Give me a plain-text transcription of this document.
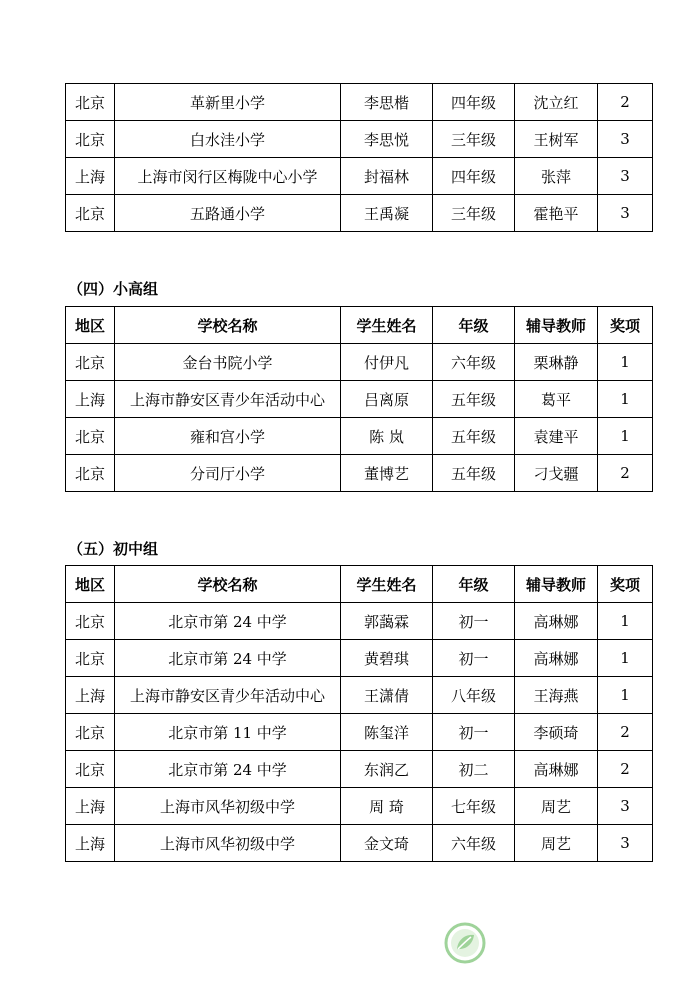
北京	革新里小学	李思楷	四年级	沈立红	2
北京	白水洼小学	李思悦	三年级	王树军	3
上海	上海市闵行区梅陇中心小学	封福林	四年级	张萍	3
北京	五路通小学	王禹凝	三年级	霍艳平	3
（四）小高组
地区	学校名称	学生姓名	年级	辅导教师	奖项
北京	金台书院小学	付伊凡	六年级	栗琳静	1
上海	上海市静安区青少年活动中心	吕离原	五年级	葛平	1
北京	雍和宫小学	陈 岚	五年级	袁建平	1
北京	分司厅小学	董博艺	五年级	刁戈疆	2
（五）初中组
地区	学校名称	学生姓名	年级	辅导教师	奖项
北京	北京市第 24 中学	郭藹霖	初一	高琳娜	1
北京	北京市第 24 中学	黄碧琪	初一	高琳娜	1
上海	上海市静安区青少年活动中心	王潇倩	八年级	王海燕	1
北京	北京市第 11 中学	陈玺洋	初一	李硕琦	2
北京	北京市第 24 中学	东润乙	初二	高琳娜	2
上海	上海市风华初级中学	周 琦	七年级	周艺	3
上海	上海市风华初级中学	金文琦	六年级	周艺	3
